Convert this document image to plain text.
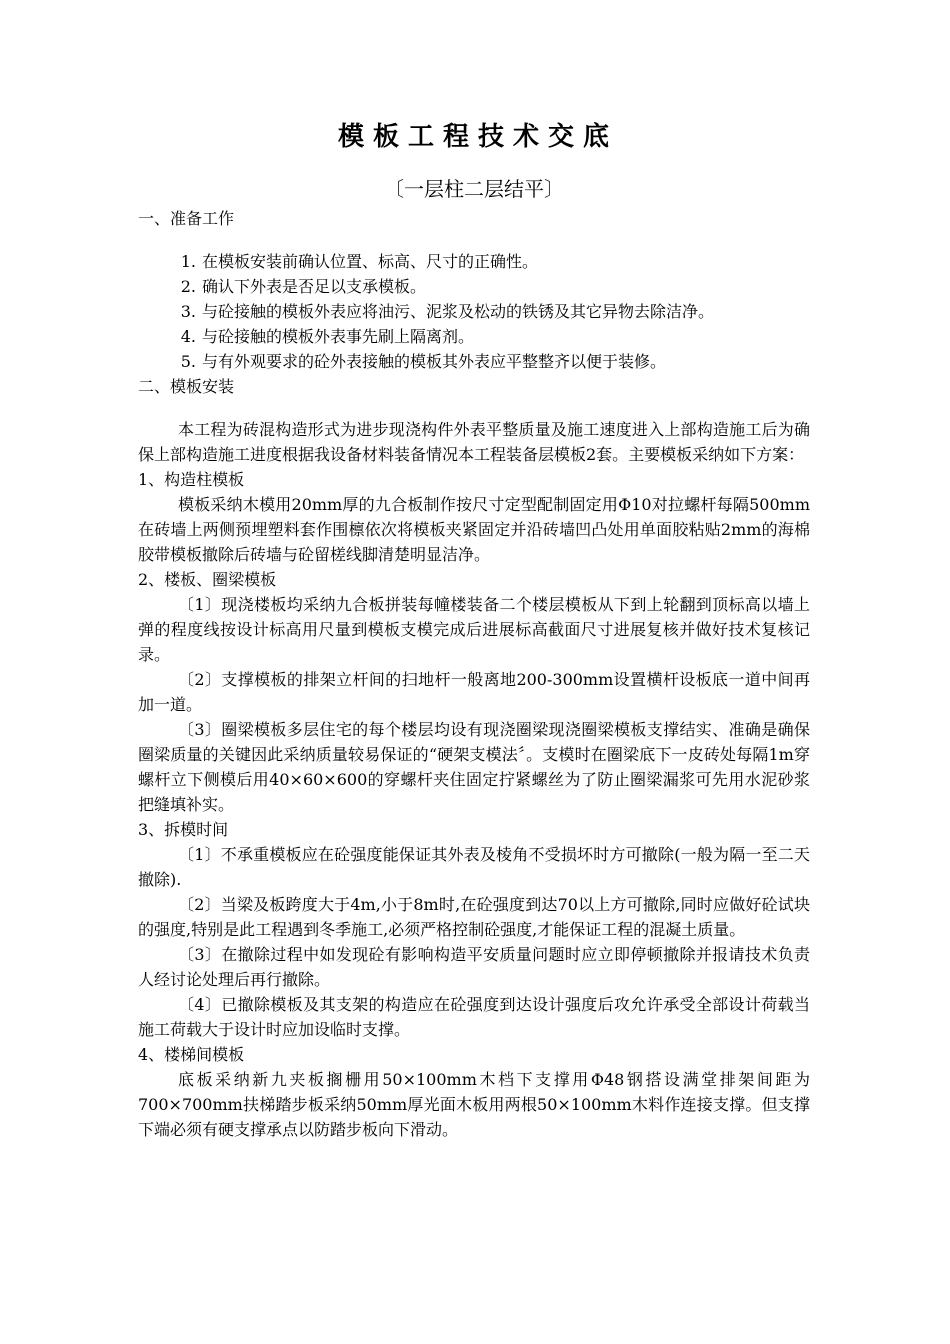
模板工程技术交底
〔一层柱二层结平〕
一、准备工作
1. 在模板安装前确认位置、标高、尺寸的正确性。
2. 确认下外表是否足以支承模板。
3. 与砼接触的模板外表应将油污、泥浆及松动的铁锈及其它异物去除洁净。
4. 与砼接触的模板外表事先刷上隔离剂。
5. 与有外观要求的砼外表接触的模板其外表应平整整齐以便于装修。
二、模板安装

本工程为砖混构造形式为进步现浇构件外表平整质量及施工速度进入上部构造施工后为确保上部构造施工进度根据我设备材料装备情况本工程装备层模板2套。主要模板采纳如下方案：

1、构造柱模板

模板采纳木模用20mm厚的九合板制作按尺寸定型配制固定用Φ10对拉螺杆每隔500mm在砖墙上两侧预埋塑料套作围檩依次将模板夹紧固定并沿砖墙凹凸处用单面胶粘贴2mm的海棉胶带模板撤除后砖墙与砼留槎线脚清楚明显洁净。

2、楼板、圈梁模板

〔1〕现浇楼板均采纳九合板拼装每幢楼装备二个楼层模板从下到上轮翻到顶标高以墙上弹的程度线按设计标高用尺量到模板支模完成后进展标高截面尺寸进展复核并做好技术复核记录。

〔2〕支撑模板的排架立杆间的扫地杆一般离地200-300mm设置横杆设板底一道中间再加一道。

〔3〕圈梁模板多层住宅的每个楼层均设有现浇圈梁现浇圈梁模板支撑结实、准确是确保圈梁质量的关键因此采纳质量较易保证的“硬架支模法〞。支模时在圈梁底下一皮砖处每隔1m穿螺杆立下侧模后用40×60×600的穿螺杆夹住固定拧紧螺丝为了防止圈梁漏浆可先用水泥砂浆把缝填补实。

3、拆模时间

〔1〕不承重模板应在砼强度能保证其外表及棱角不受损坏时方可撤除(一般为隔一至二天撤除).

〔2〕当梁及板跨度大于4m,小于8m时,在砼强度到达70以上方可撤除,同时应做好砼试块的强度,特别是此工程遇到冬季施工,必须严格控制砼强度,才能保证工程的混凝土质量。

〔3〕在撤除过程中如发现砼有影响构造平安质量问题时应立即停顿撤除并报请技术负责人经讨论处理后再行撤除。

〔4〕已撤除模板及其支架的构造应在砼强度到达设计强度后攻允许承受全部设计荷载当施工荷载大于设计时应加设临时支撑。

4、楼梯间模板

底板采纳新九夹板搁栅用50×100mm木档下支撑用Φ48钢搭设满堂排架间距为700×700mm扶梯踏步板采纳50mm厚光面木板用两根50×100mm木料作连接支撑。但支撑下端必须有硬支撑承点以防踏步板向下滑动。
